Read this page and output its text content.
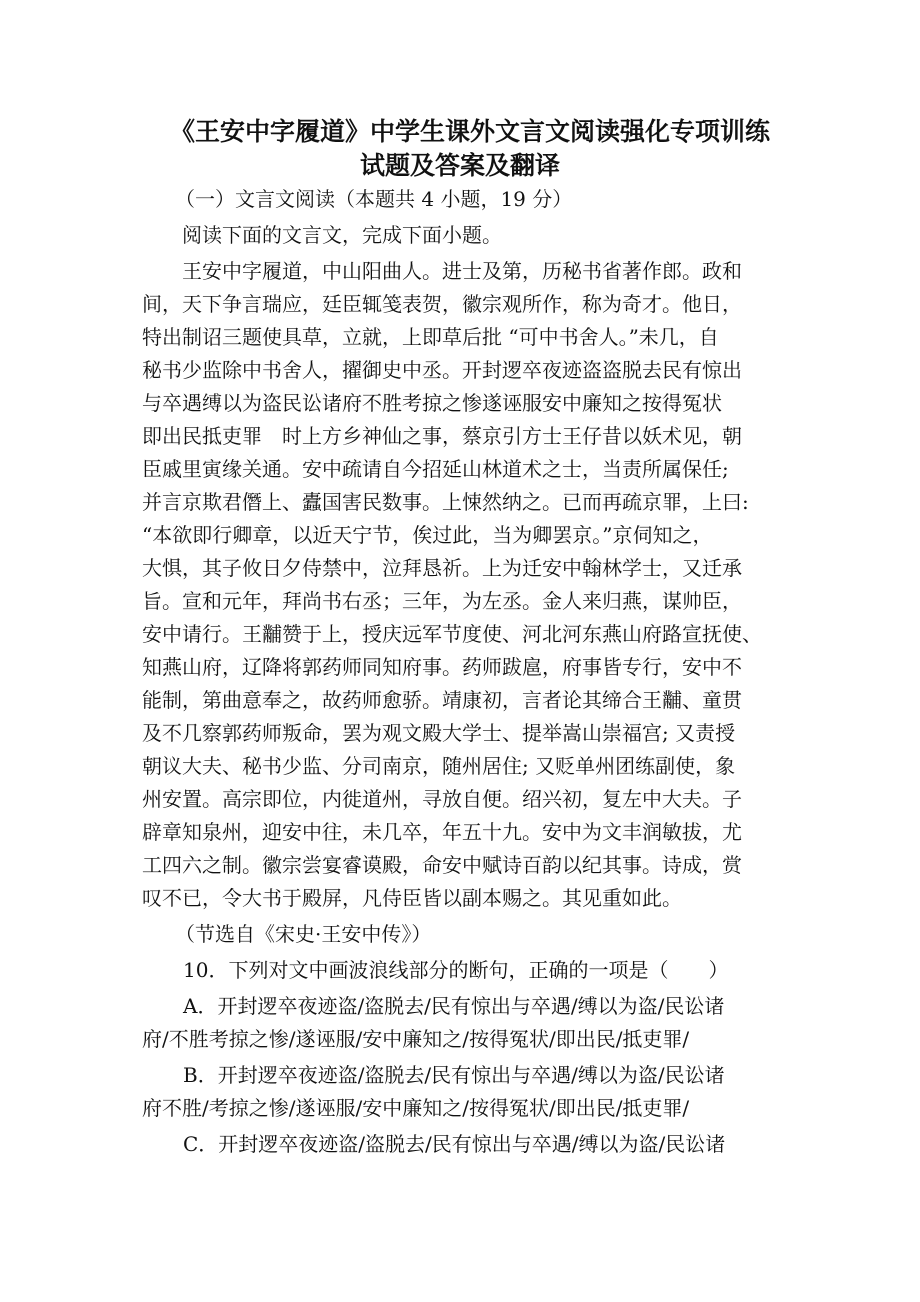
《王安中字履道》中学生课外文言文阅读强化专项训练
试题及答案及翻译
（一）文言文阅读（本题共 4 小题，19 分）
阅读下面的文言文，完成下面小题。
王安中字履道，中山阳曲人。进士及第，历秘书省著作郎。政和
间，天下争言瑞应，廷臣辄笺表贺，徽宗观所作，称为奇才。他日，
特出制诏三题使具草，立就，上即草后批 “可中书舍人。”未几，自
秘书少监除中书舍人，擢御史中丞。开封逻卒夜迹盗盗脱去民有惊出
与卒遇缚以为盗民讼诸府不胜考掠之惨遂诬服安中廉知之按得冤状
即出民抵吏罪　时上方乡神仙之事，蔡京引方士王仔昔以妖术见，朝
臣戚里寅缘关通。安中疏请自今招延山林道术之士，当责所属保任;
并言京欺君僭上、蠹国害民数事。上悚然纳之。已而再疏京罪，上曰:
“本欲即行卿章，以近天宁节，俟过此，当为卿罢京。”京伺知之，
大惧，其子攸日夕侍禁中，泣拜恳祈。上为迁安中翰林学士，又迁承
旨。宣和元年，拜尚书右丞；三年，为左丞。金人来归燕，谋帅臣，
安中请行。王黼赞于上，授庆远军节度使、河北河东燕山府路宣抚使、
知燕山府，辽降将郭药师同知府事。药师跋扈，府事皆专行，安中不
能制，第曲意奉之，故药师愈骄。靖康初，言者论其缔合王黼、童贯
及不几察郭药师叛命，罢为观文殿大学士、提举嵩山崇福宫; 又责授
朝议大夫、秘书少监、分司南京，随州居住; 又贬单州团练副使，象
州安置。高宗即位，内徙道州，寻放自便。绍兴初，复左中大夫。子
辟章知泉州，迎安中往，未几卒，年五十九。安中为文丰润敏拔，尤
工四六之制。徽宗尝宴睿谟殿，命安中赋诗百韵以纪其事。诗成，赏
叹不已，令大书于殿屏，凡侍臣皆以副本赐之。其见重如此。
（节选自《宋史·王安中传》）
10．下列对文中画波浪线部分的断句，正确的一项是（　　）
A．开封逻卒夜迹盗/盗脱去/民有惊出与卒遇/缚以为盗/民讼诸
府/不胜考掠之惨/遂诬服/安中廉知之/按得冤状/即出民/抵吏罪/
B．开封逻卒夜迹盗/盗脱去/民有惊出与卒遇/缚以为盗/民讼诸
府不胜/考掠之惨/遂诬服/安中廉知之/按得冤状/即出民/抵吏罪/
C．开封逻卒夜迹盗/盗脱去/民有惊出与卒遇/缚以为盗/民讼诸
